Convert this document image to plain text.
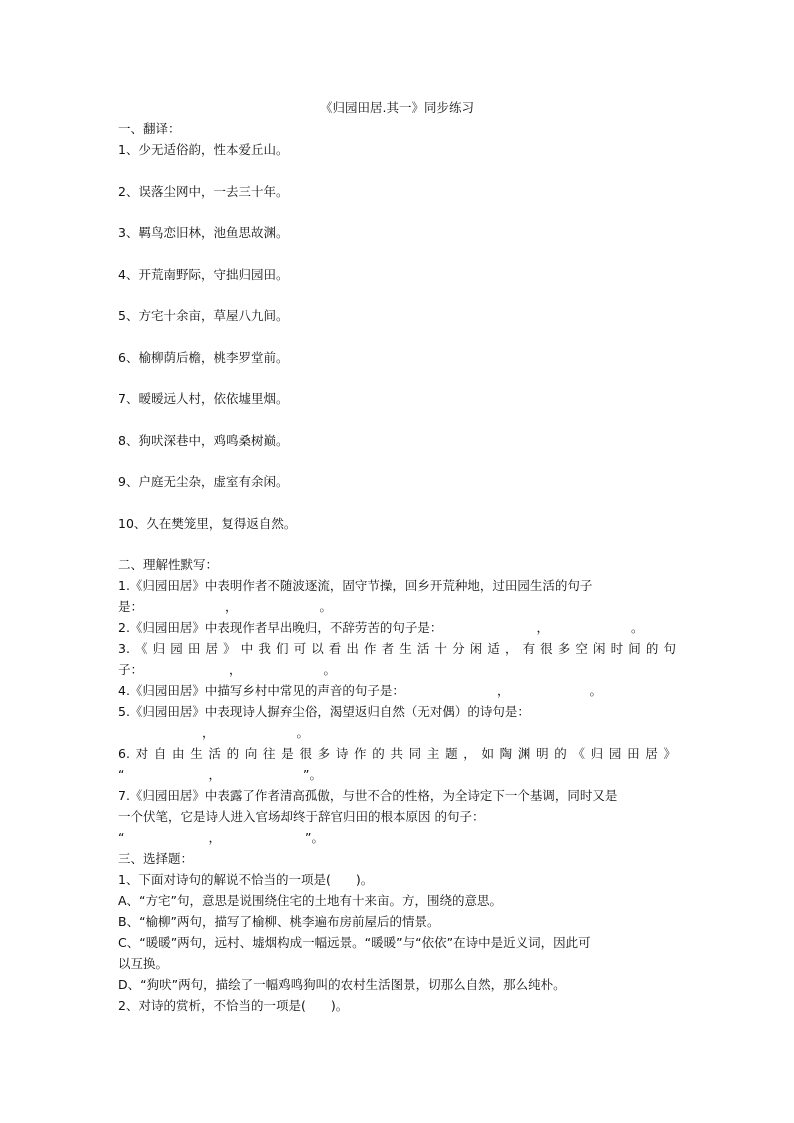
《归园田居.其一》同步练习
一、翻译：
1、少无适俗韵，性本爱丘山。
2、误落尘网中，一去三十年。
3、羁鸟恋旧林，池鱼思故渊。
4、开荒南野际，守拙归园田。
5、方宅十余亩，草屋八九间。
6、榆柳荫后檐，桃李罗堂前。
7、暧暧远人村，依依墟里烟。
8、狗吠深巷中，鸡鸣桑树巅。
9、户庭无尘杂，虚室有余闲。
10、久在樊笼里，复得返自然。
二、理解性默写：
1.《归园田居》中表明作者不随波逐流，固守节操，回乡开荒种地，过田园生活的句子
是：	，	。
2.《归园田居》中表现作者早出晚归，不辞劳苦的句子是：	，	。
3.《归园田居》中我们可以看出作者生活十分闲适，有很多空闲时间的句
子：	，	。
4.《归园田居》中描写乡村中常见的声音的句子是：	，	。
5.《归园田居》中表现诗人摒弃尘俗，渴望返归自然（无对偶）的诗句是：
，	。
6.对自由生活的向往是很多诗作的共同主题，如陶渊明的《归园田居》
“	，	”。
7.《归园田居》中表露了作者清高孤傲，与世不合的性格，为全诗定下一个基调，同时又是
一个伏笔，它是诗人进入官场却终于辞官归田的根本原因 的句子：
“	，	”。
三、选择题：
1、下面对诗句的解说不恰当的一项是(　　)。
A、“方宅”句，意思是说围绕住宅的土地有十来亩。方，围绕的意思。
B、“榆柳”两句，描写了榆柳、桃李遍布房前屋后的情景。
C、“暖暖”两句，远村、墟烟构成一幅远景。“暖暖”与“依依”在诗中是近义词，因此可
以互换。
D、“狗吠”两句，描绘了一幅鸡鸣狗叫的农村生活图景，切那么自然，那么纯朴。
2、对诗的赏析，不恰当的一项是(　　)。
